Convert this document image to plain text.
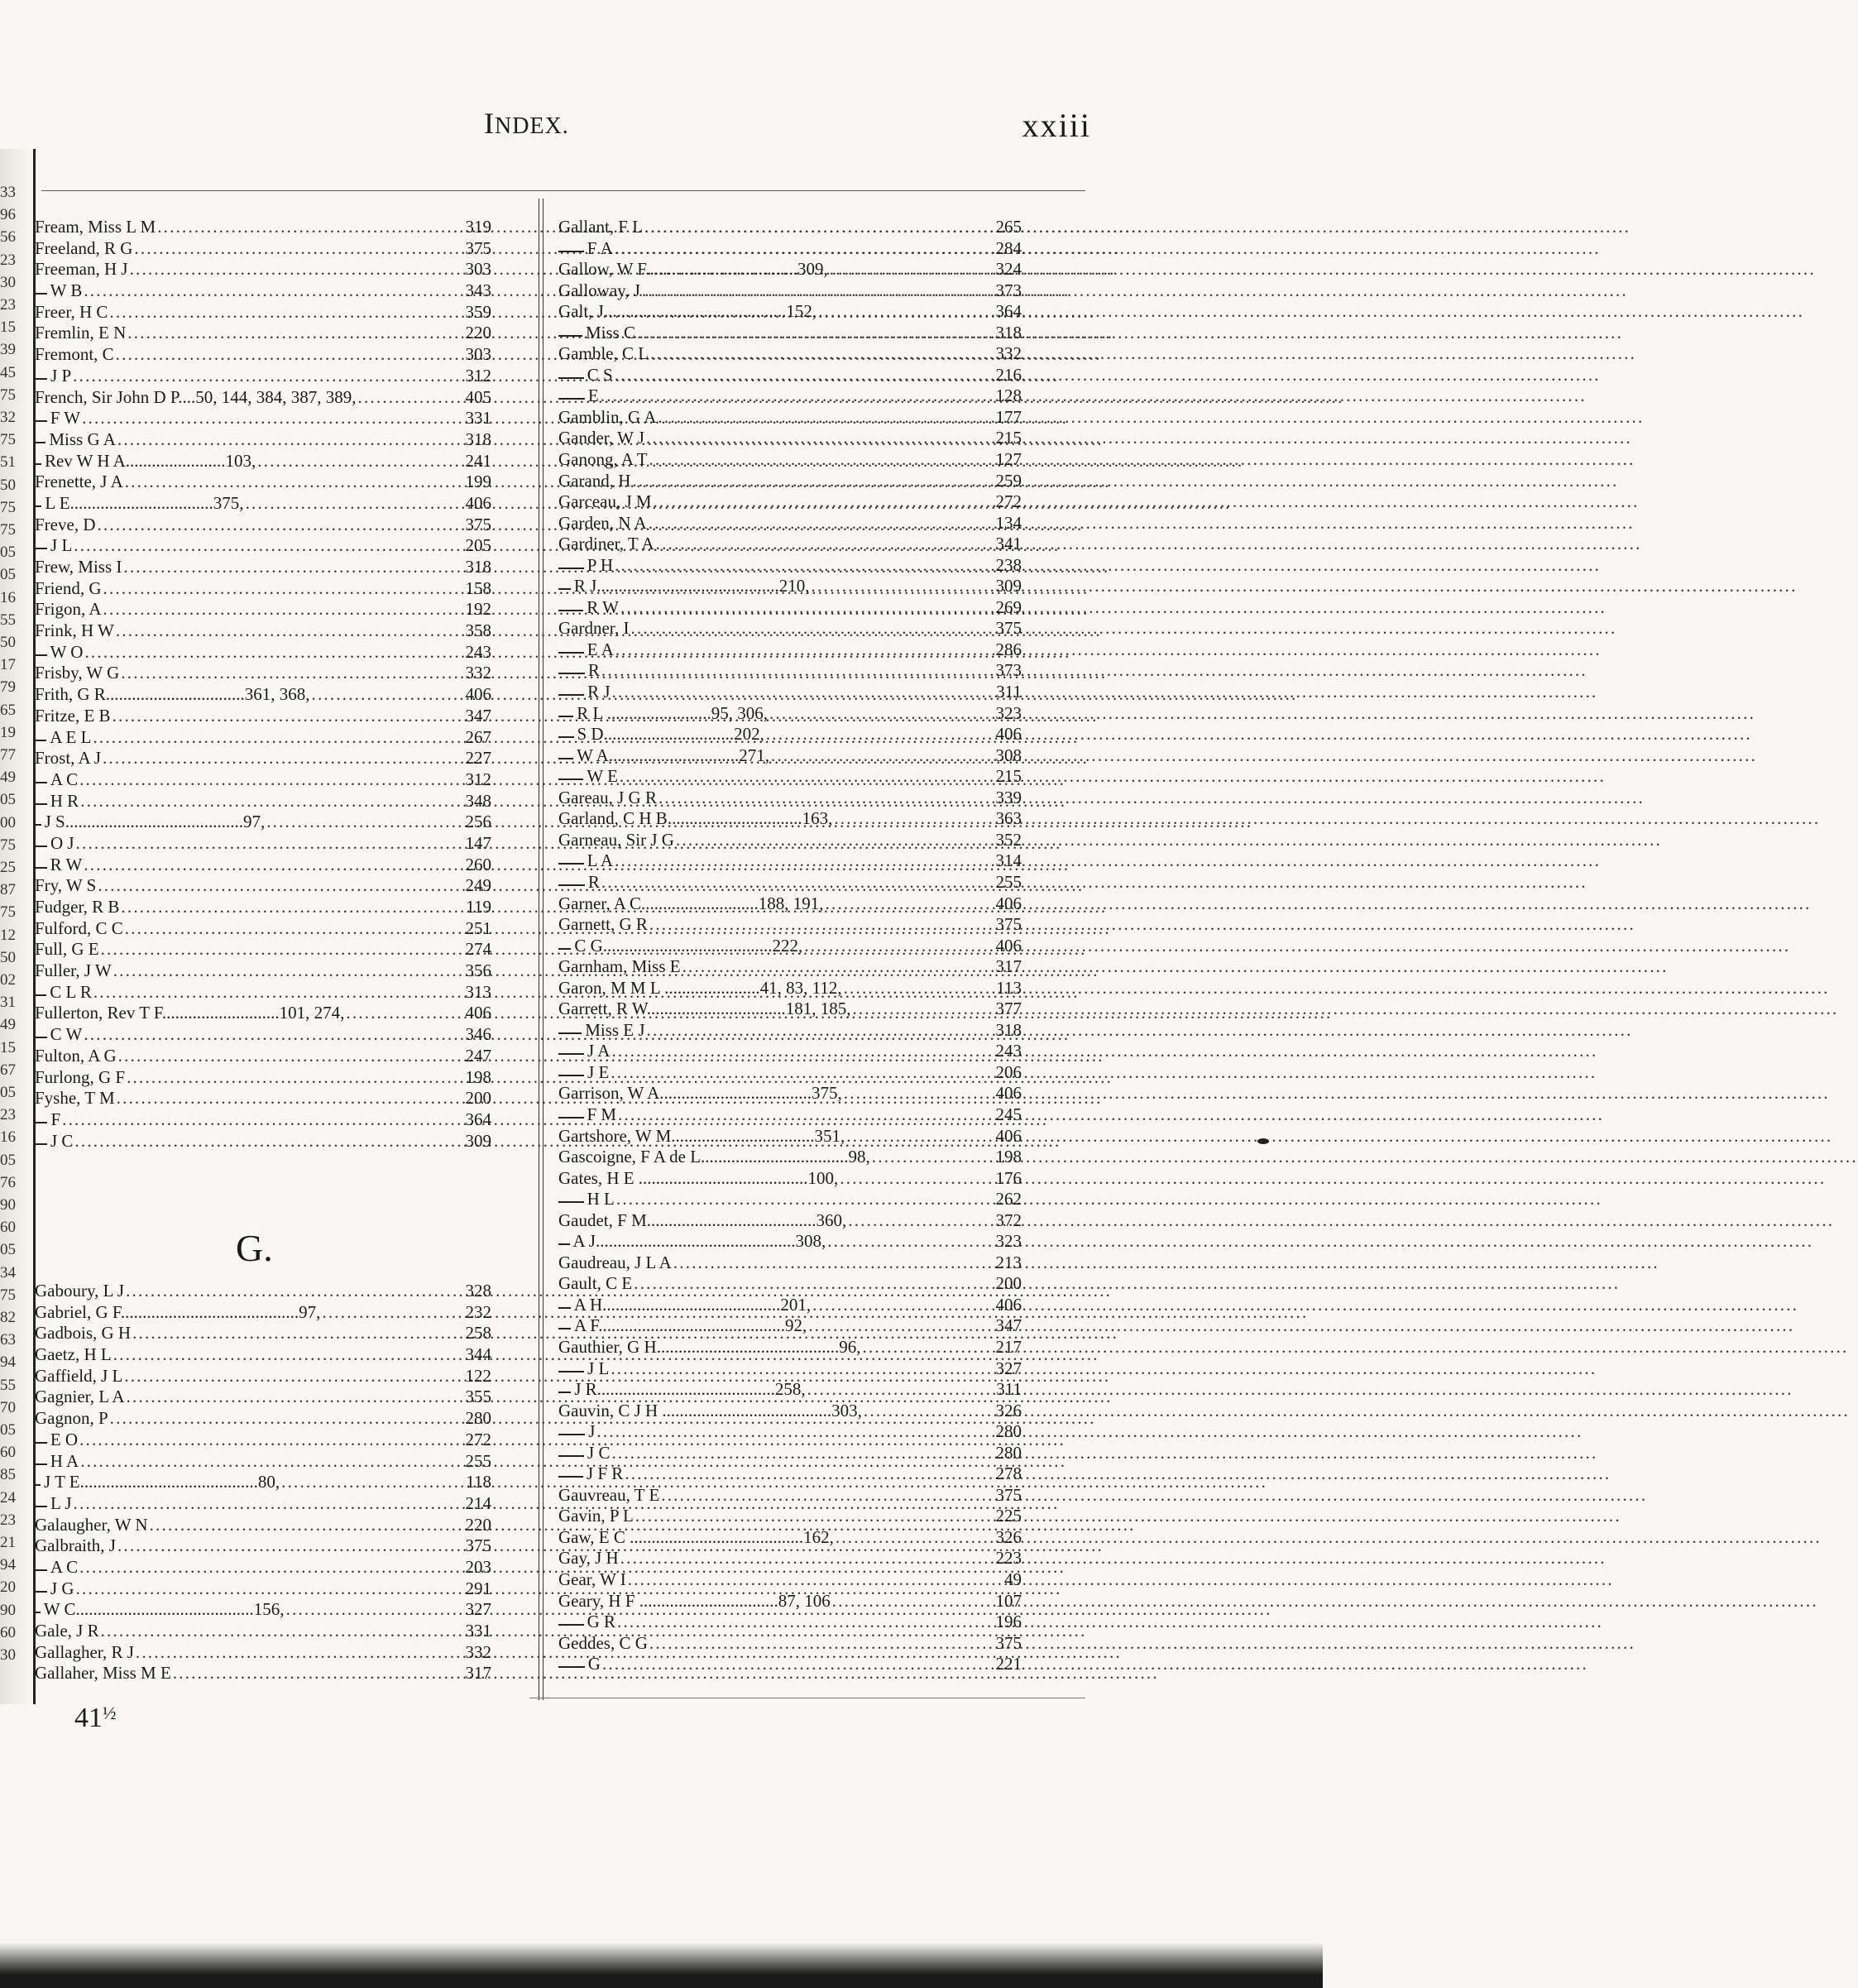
33
96
56
23
30
23
15
39
45
75
32
75
51
50
75
75
05
05
16
55
50
17
79
65
19
77
49
05
00
75
25
87
75
12
50
02
31
49
15
67
05
23
16
05
76
90
60
05
34
75
82
63
94
55
70
05
60
85
24
23
21
94
20
90
60
30
INDEX.	xxiii
Fream, Miss L M .....	319
Freeland, R G .....	375
Freeman, H J .....	303
W B .....	343
Freer, H C .....	359
Fremlin, E N .....	220
Fremont, C .....	303
J P .....	312
French, Sir John D P....50, 144, 384, 387, 389, .....	405
F W .....	331
Miss G A .....	318
Rev W H A.......................103, .....	241
Frenette, J A .....	199
L E.................................375, .....	406
Freve, D .....	375
J L .....	205
Frew, Miss I .....	318
Friend, G .....	158
Frigon, A .....	192
Frink, H W .....	358
W O .....	243
Frisby, W G .....	332
Frith, G R................................361, 368, .....	406
Fritze, E B .....	347
A E L .....	267
Frost, A J .....	227
A C .....	312
H R .....	348
J S.........................................97, .....	256
O J .....	147
R W .....	260
Fry, W S .....	249
Fudger, R B .....	119
Fulford, C C .....	251
Full, G E .....	274
Fuller, J W .....	356
C L R .....	313
Fullerton, Rev T F...........................101, 274, .....	406
C W .....	346
Fulton, A G .....	247
Furlong, G F .....	198
Fyshe, T M .....	200
F .....	364
J C .....	309
G.
Gaboury, L J .....	328
Gabriel, G F.........................................97, .....	232
Gadbois, G H .....	258
Gaetz, H L .....	344
Gaffield, J L .....	122
Gagnier, L A .....	355
Gagnon, P .....	280
E O .....	272
H A .....	255
J T E.........................................80, .....	118
L J .....	214
Galaugher, W N .....	220
Galbraith, J .....	375
A C .....	203
J G .....	291
W C.........................................156, .....	327
Gale, J R .....	331
Gallagher, R J .....	332
Gallaher, Miss M E .....	317
Gallant, F L .....	265
F A .....	284
Gallow, W F...................................309, .....	324
Galloway, J .....	373
Galt, J..........................................152, .....	364
Miss C .....	318
Gamble, C L .....	332
C S .....	216
E .....	128
Gamblin, G A .....	177
Gander, W J .....	215
Ganong, A T .....	127
Garand, H .....	259
Garceau, J M .....	272
Garden, N A .....	134
Gardiner, T A .....	341
P H .....	238
R J..........................................210, .....	309
R W .....	269
Gardner, I .....	375
E A .....	286
R .....	373
R J .....	311
R L ........................95, 306, .....	323
S D..............................202, .....	406
W A..............................271, .....	308
W E .....	215
Gareau, J G R .....	339
Garland, C H B...............................163, .....	363
Garneau, Sir J G .....	352
L A .....	314
R .....	255
Garner, A C...........................188, 191, .....	406
Garnett, G R .....	375
C G.......................................222, .....	406
Garnham, Miss E .....	317
Garon, M M L ......................41, 83, 112, .....	113
Garrett, R W................................181, 185, .....	377
Miss E J .....	318
J A .....	243
J E .....	206
Garrison, W A...................................375, .....	406
F M .....	245
Gartshore, W M.................................351, .....	406
Gascoigne, F A de L..................................98, .....	198
Gates, H E .......................................100, .....	176
H L .....	262
Gaudet, F M.......................................360, .....	372
A J..............................................308, .....	323
Gaudreau, J L A .....	213
Gault, C E .....	200
A H.........................................201, .....	406
A F...........................................92, .....	347
Gauthier, G H..........................................96, .....	217
J L .....	327
J R.........................................258, .....	311
Gauvin, C J H .......................................303, .....	326
J .....	280
J C .....	280
J F R .....	278
Gauvreau, T E .....	375
Gavin, P L .....	225
Gaw, E C ........................................162, .....	326
Gay, J H .....	223
Gear, W I .....	49
Geary, H F ................................87, 106 .....	107
G R .....	196
Geddes, C G .....	375
G .....	221
$41^{\frac{1}{2}}$
